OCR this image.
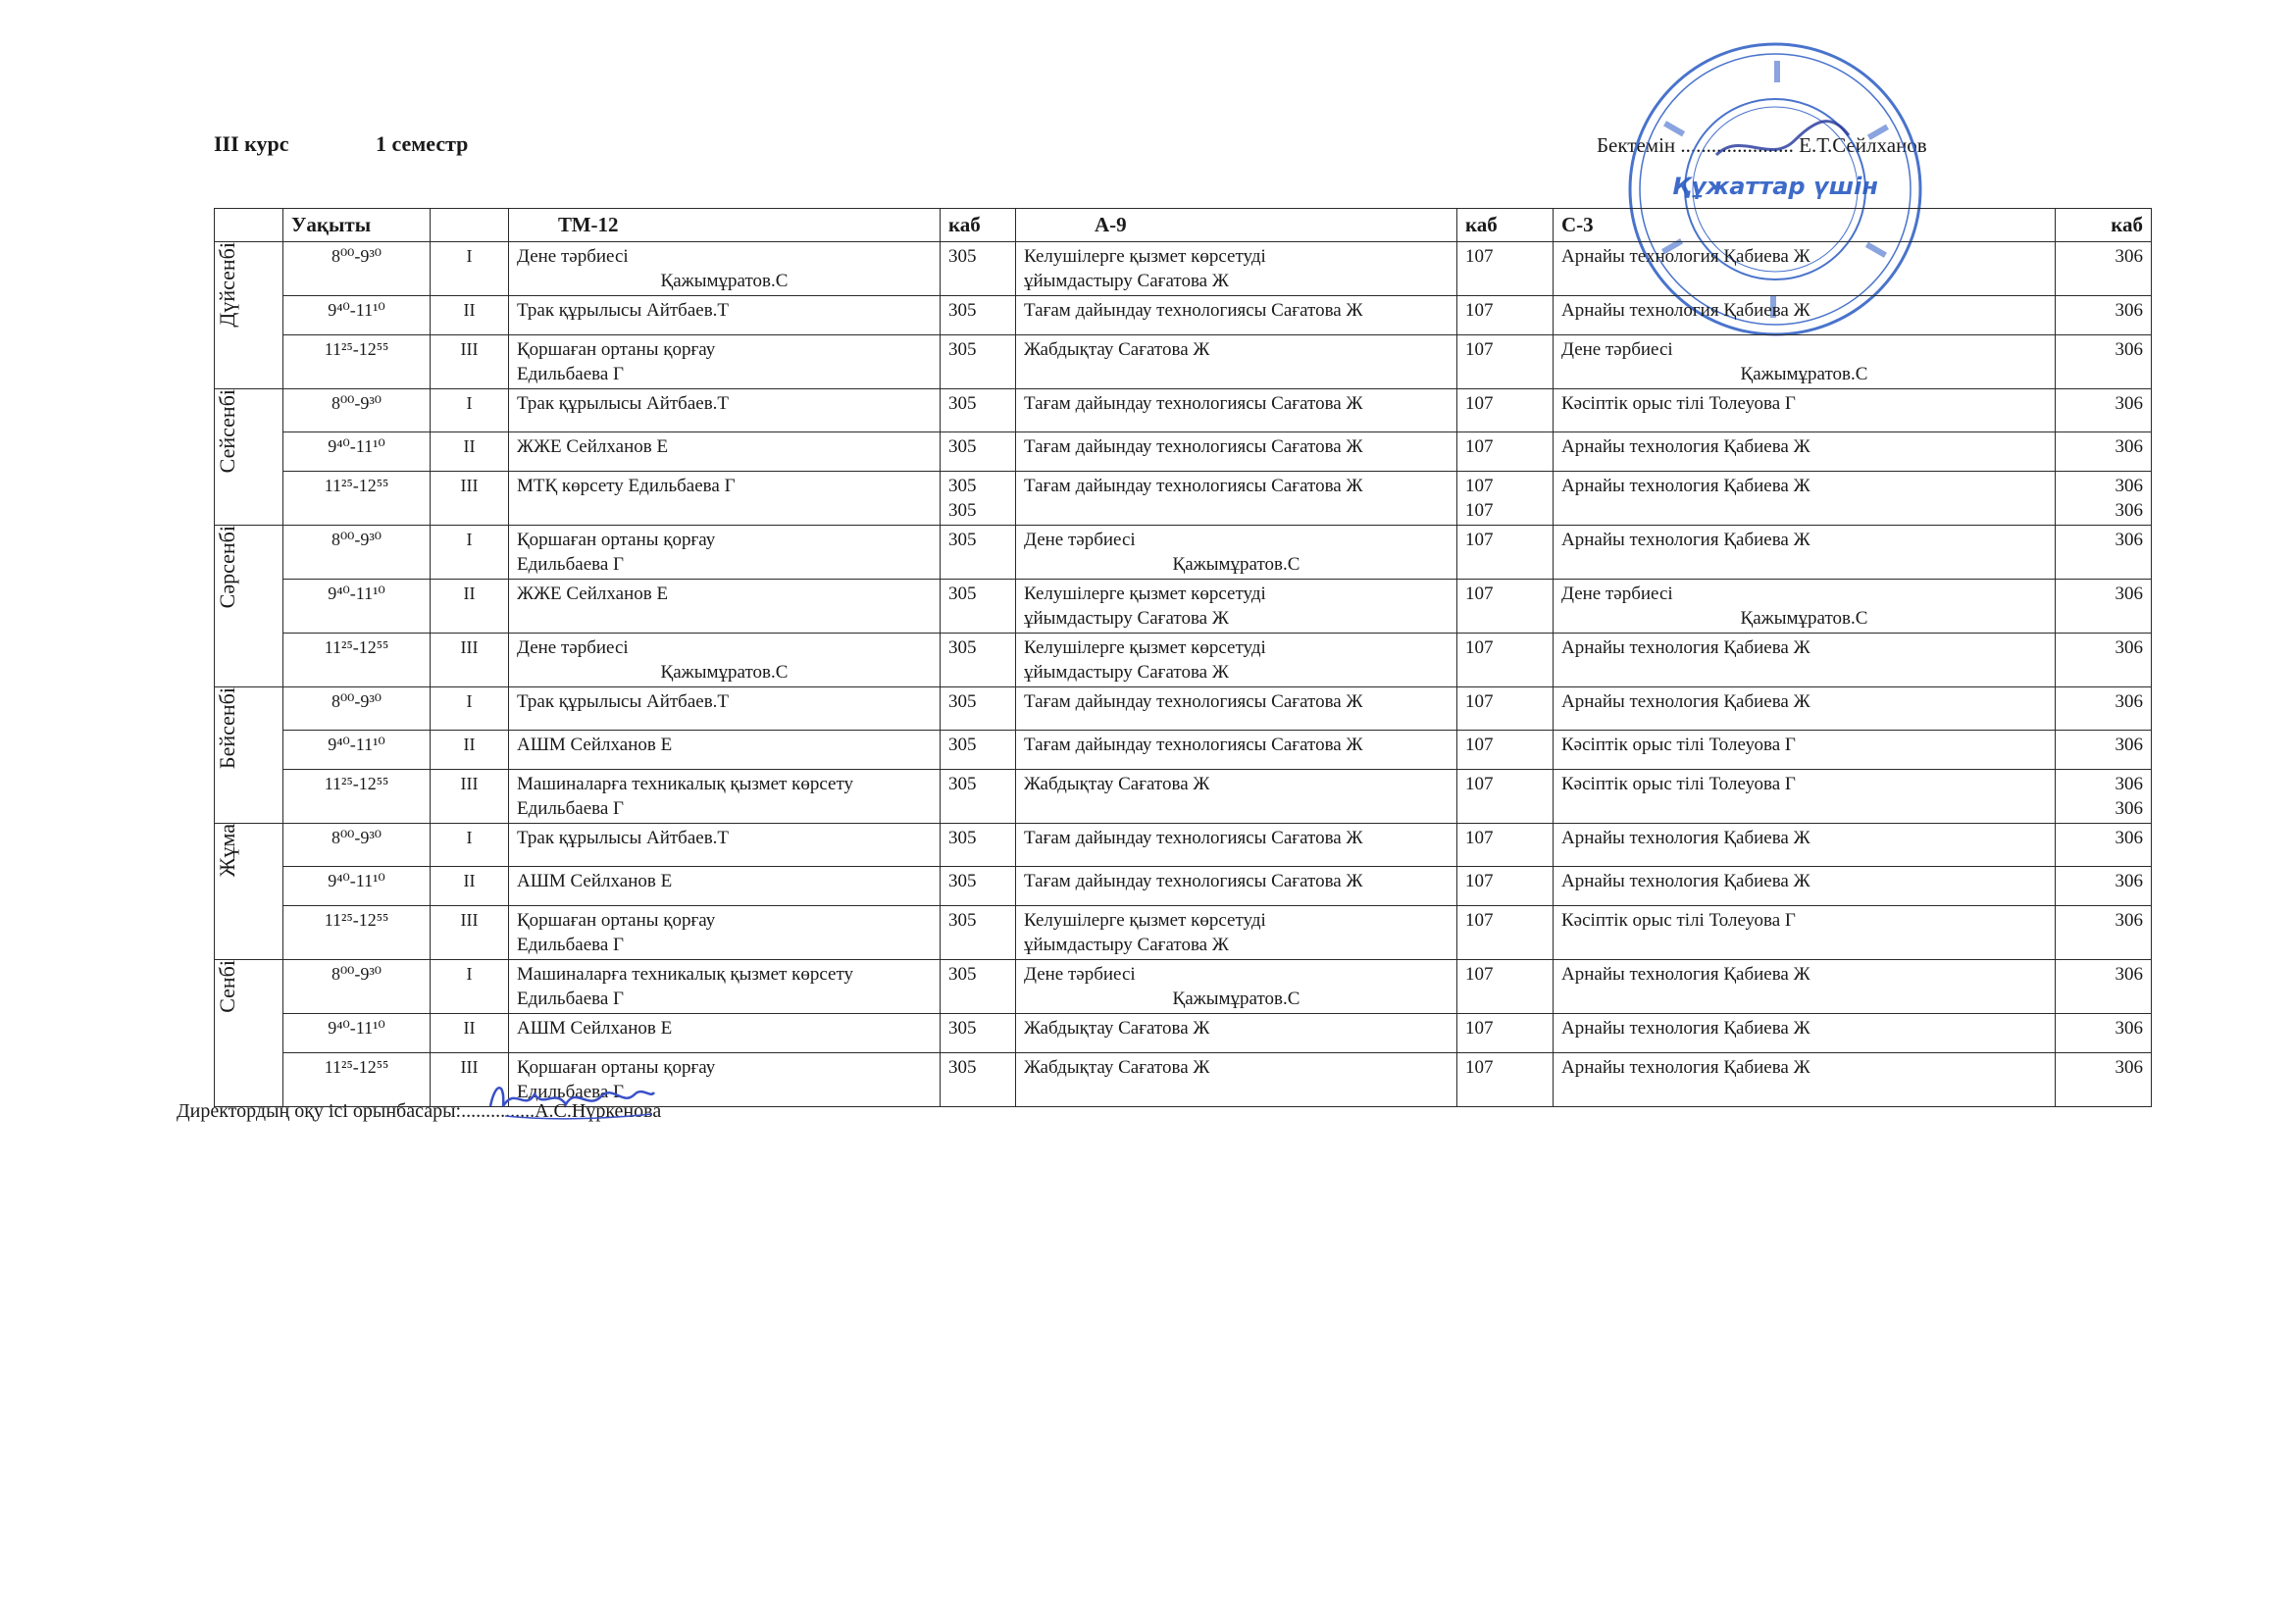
III курс	1 семестр	Бектемін ...................... Е.Т.Сейлханов
Құжаттар үшін
	Уақыты		ТМ-12	каб	А-9	каб	С-3	каб

Дүйсенбі	8⁰⁰-9³⁰	I	Дене тәрбиесі
Қажымұратов.С	305	Келушілерге қызмет көрсетуді
ұйымдастыру Сағатова Ж	107	Арнайы технология Қабиева Ж	306

	9⁴⁰-11¹⁰	II	Трак құрылысы Айтбаев.Т	305	Тағам дайындау технологиясы Сағатова Ж	107	Арнайы технология Қабиева Ж	306

	11²⁵-12⁵⁵	III	Қоршаған ортаны қорғау
Едильбаева Г	305	Жабдықтау Сағатова Ж	107	Дене тәрбиесі
Қажымұратов.С	306

Сейсенбі	8⁰⁰-9³⁰	I	Трак құрылысы Айтбаев.Т	305	Тағам дайындау технологиясы Сағатова Ж	107	Кәсіптік орыс тілі Толеуова Г	306

	9⁴⁰-11¹⁰	II	ЖЖЕ Сейлханов Е	305	Тағам дайындау технологиясы Сағатова Ж	107	Арнайы технология Қабиева Ж	306

	11²⁵-12⁵⁵	III	МТҚ көрсету Едильбаева Г	305
305	Тағам дайындау технологиясы Сағатова Ж	107
107	Арнайы технология Қабиева Ж	306
306

Сәрсенбі	8⁰⁰-9³⁰	I	Қоршаған ортаны қорғау
Едильбаева Г	305	Дене тәрбиесі
Қажымұратов.С	107	Арнайы технология Қабиева Ж	306

	9⁴⁰-11¹⁰	II	ЖЖЕ Сейлханов Е	305	Келушілерге қызмет көрсетуді
ұйымдастыру Сағатова Ж	107	Дене тәрбиесі
Қажымұратов.С	306

	11²⁵-12⁵⁵	III	Дене тәрбиесі
Қажымұратов.С	305	Келушілерге қызмет көрсетуді
ұйымдастыру Сағатова Ж	107	Арнайы технология Қабиева Ж	306

Бейсенбі	8⁰⁰-9³⁰	I	Трак құрылысы Айтбаев.Т	305	Тағам дайындау технологиясы Сағатова Ж	107	Арнайы технология Қабиева Ж	306

	9⁴⁰-11¹⁰	II	АШМ Сейлханов Е	305	Тағам дайындау технологиясы Сағатова Ж	107	Кәсіптік орыс тілі Толеуова Г	306

	11²⁵-12⁵⁵	III	Машиналарға техникалық қызмет көрсету
Едильбаева Г	305	Жабдықтау Сағатова Ж	107	Кәсіптік орыс тілі Толеуова Г	306
306

Жұма	8⁰⁰-9³⁰	I	Трак құрылысы Айтбаев.Т	305	Тағам дайындау технологиясы Сағатова Ж	107	Арнайы технология Қабиева Ж	306

	9⁴⁰-11¹⁰	II	АШМ Сейлханов Е	305	Тағам дайындау технологиясы Сағатова Ж	107	Арнайы технология Қабиева Ж	306

	11²⁵-12⁵⁵	III	Қоршаған ортаны қорғау
Едильбаева Г	305	Келушілерге қызмет көрсетуді
ұйымдастыру Сағатова Ж	107	Кәсіптік орыс тілі Толеуова Г	306

Сенбі	8⁰⁰-9³⁰	I	Машиналарға техникалық қызмет көрсету
Едильбаева Г	305	Дене тәрбиесі
Қажымұратов.С	107	Арнайы технология Қабиева Ж	306

	9⁴⁰-11¹⁰	II	АШМ Сейлханов Е	305	Жабдықтау Сағатова Ж	107	Арнайы технология Қабиева Ж	306

	11²⁵-12⁵⁵	III	Қоршаған ортаны қорғау
Едильбаева Г	305	Жабдықтау Сағатова Ж	107	Арнайы технология Қабиева Ж	306
Директордың оқу ісі орынбасары:...............А.С.Нүркенова
